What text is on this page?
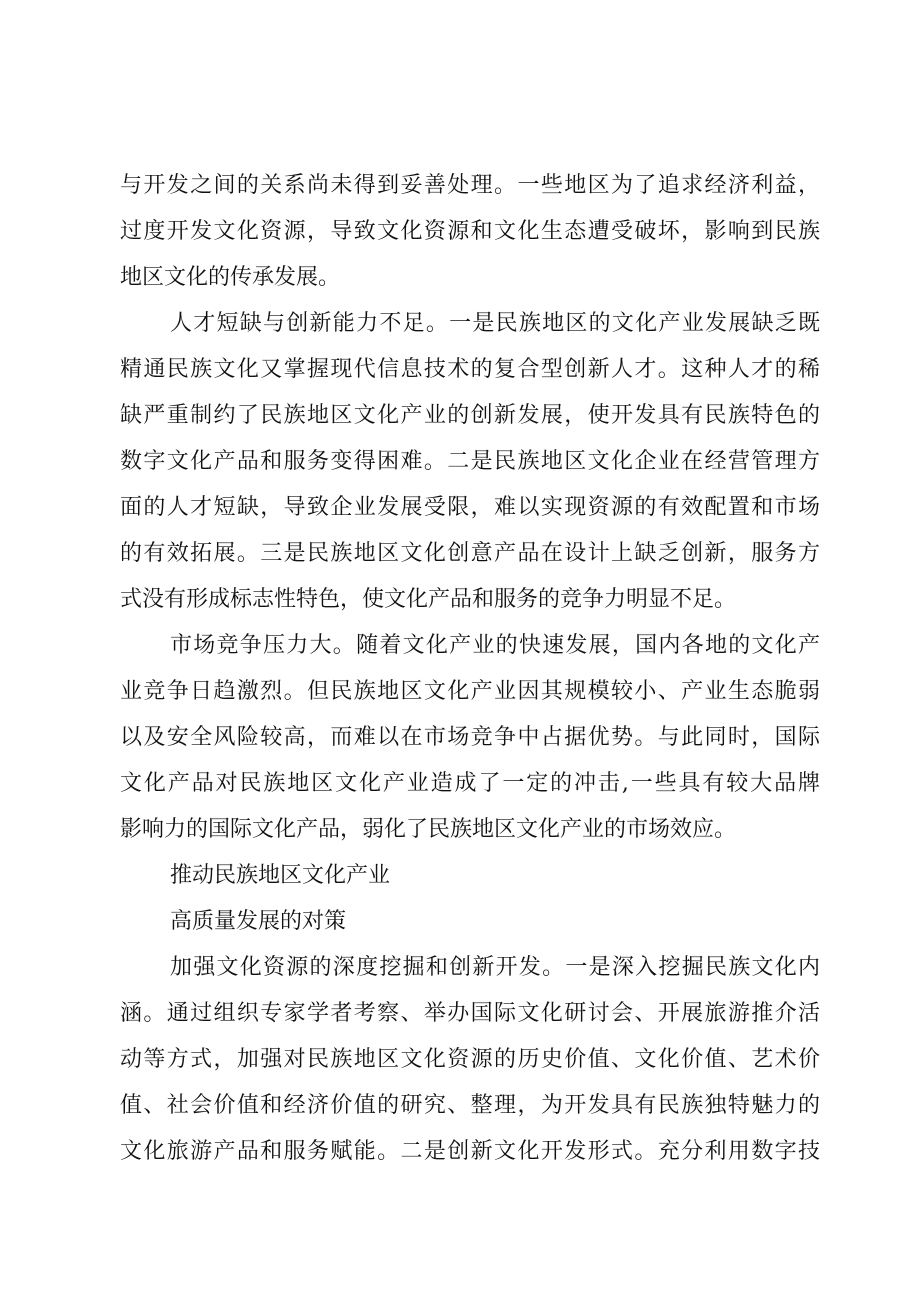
与开发之间的关系尚未得到妥善处理。一些地区为了追求经济利益，
过度开发文化资源，导致文化资源和文化生态遭受破坏，影响到民族
地区文化的传承发展。
人才短缺与创新能力不足。一是民族地区的文化产业发展缺乏既
精通民族文化又掌握现代信息技术的复合型创新人才。这种人才的稀
缺严重制约了民族地区文化产业的创新发展，使开发具有民族特色的
数字文化产品和服务变得困难。二是民族地区文化企业在经营管理方
面的人才短缺，导致企业发展受限，难以实现资源的有效配置和市场
的有效拓展。三是民族地区文化创意产品在设计上缺乏创新，服务方
式没有形成标志性特色，使文化产品和服务的竞争力明显不足。
市场竞争压力大。随着文化产业的快速发展，国内各地的文化产
业竞争日趋激烈。但民族地区文化产业因其规模较小、产业生态脆弱
以及安全风险较高，而难以在市场竞争中占据优势。与此同时，国际
文化产品对民族地区文化产业造成了一定的冲击,一些具有较大品牌
影响力的国际文化产品，弱化了民族地区文化产业的市场效应。
推动民族地区文化产业
高质量发展的对策
加强文化资源的深度挖掘和创新开发。一是深入挖掘民族文化内
涵。通过组织专家学者考察、举办国际文化研讨会、开展旅游推介活
动等方式，加强对民族地区文化资源的历史价值、文化价值、艺术价
值、社会价值和经济价值的研究、整理，为开发具有民族独特魅力的
文化旅游产品和服务赋能。二是创新文化开发形式。充分利用数字技
